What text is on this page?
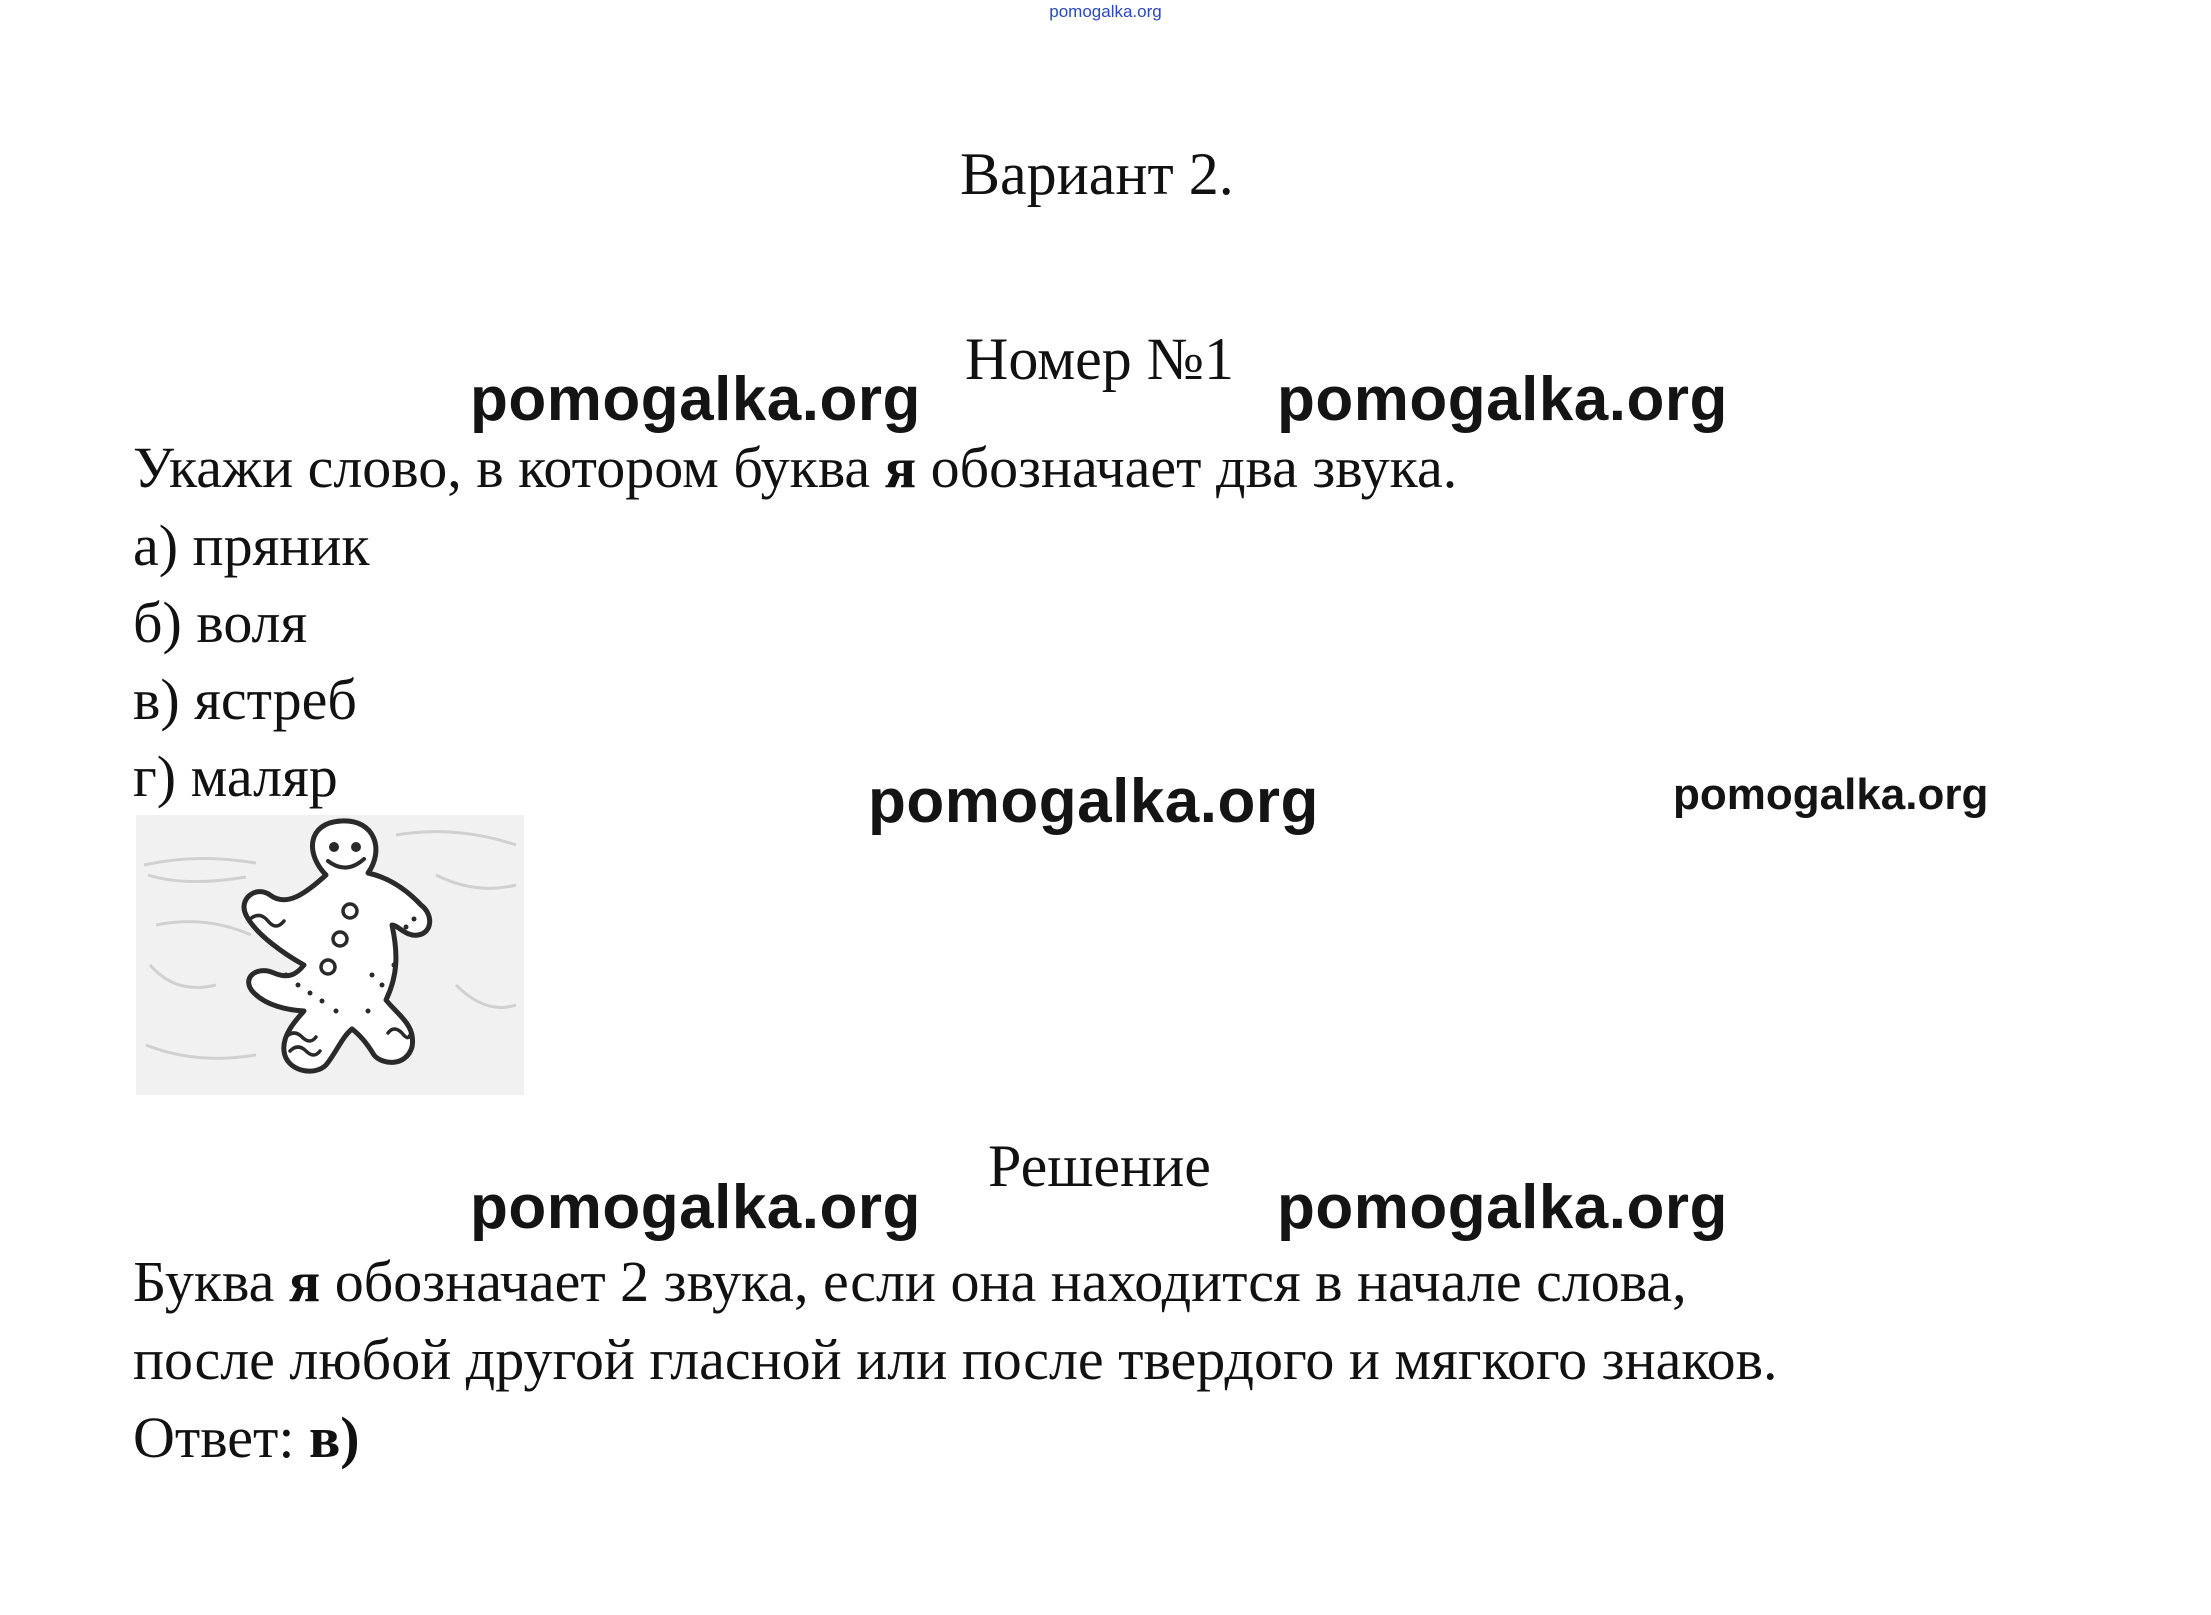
pomogalka.org
Вариант 2.
Номер №1
pomogalka.org	pomogalka.org
Укажи слово, в котором буква я обозначает два звука.
а) пряник
б) воля
в) ястреб
г) маляр	pomogalka.org	pomogalka.org
Решение
pomogalka.org	pomogalka.org
Буква я обозначает 2 звука, если она находится в начале слова,
после любой другой гласной или после твердого и мягкого знаков.
Ответ: в)
